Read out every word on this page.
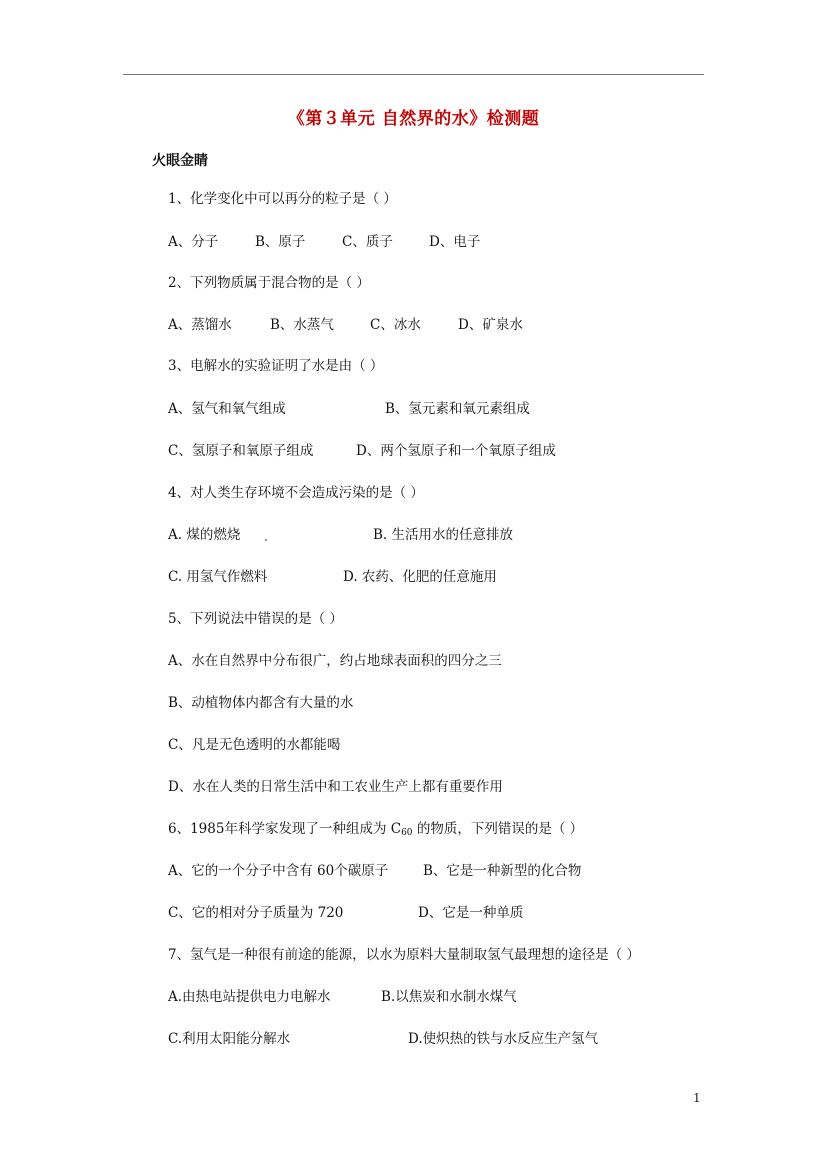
《第３单元 自然界的水》检测题
火眼金睛
1、化学变化中可以再分的粒子是（ ）
A、分子	B、原子	C、质子	D、电子
2、下列物质属于混合物的是（ ）
A、蒸馏水	B、水蒸气	C、冰水	D、矿泉水
3、电解水的实验证明了水是由（ ）
A、氢气和氧气组成	B、氢元素和氧元素组成
C、氢原子和氧原子组成	D、两个氢原子和一个氧原子组成
4、对人类生存环境不会造成污染的是（ ）
A. 煤的燃烧	B. 生活用水的任意排放
C. 用氢气作燃料	D. 农药、化肥的任意施用
5、下列说法中错误的是（ ）
A、水在自然界中分布很广，约占地球表面积的四分之三
B、动植物体内都含有大量的水
C、凡是无色透明的水都能喝
D、水在人类的日常生活中和工农业生产上都有重要作用
6、1985年科学家发现了一种组成为 $C_{60}$ 的物质，下列错误的是（ ）
A、它的一个分子中含有 60个碳原子	B、它是一种新型的化合物
C、它的相对分子质量为 720	D、它是一种单质
7、氢气是一种很有前途的能源，以水为原料大量制取氢气最理想的途径是（ ）
A.由热电站提供电力电解水	B.以焦炭和水制水煤气
C.利用太阳能分解水	D.使炽热的铁与水反应生产氢气
1
